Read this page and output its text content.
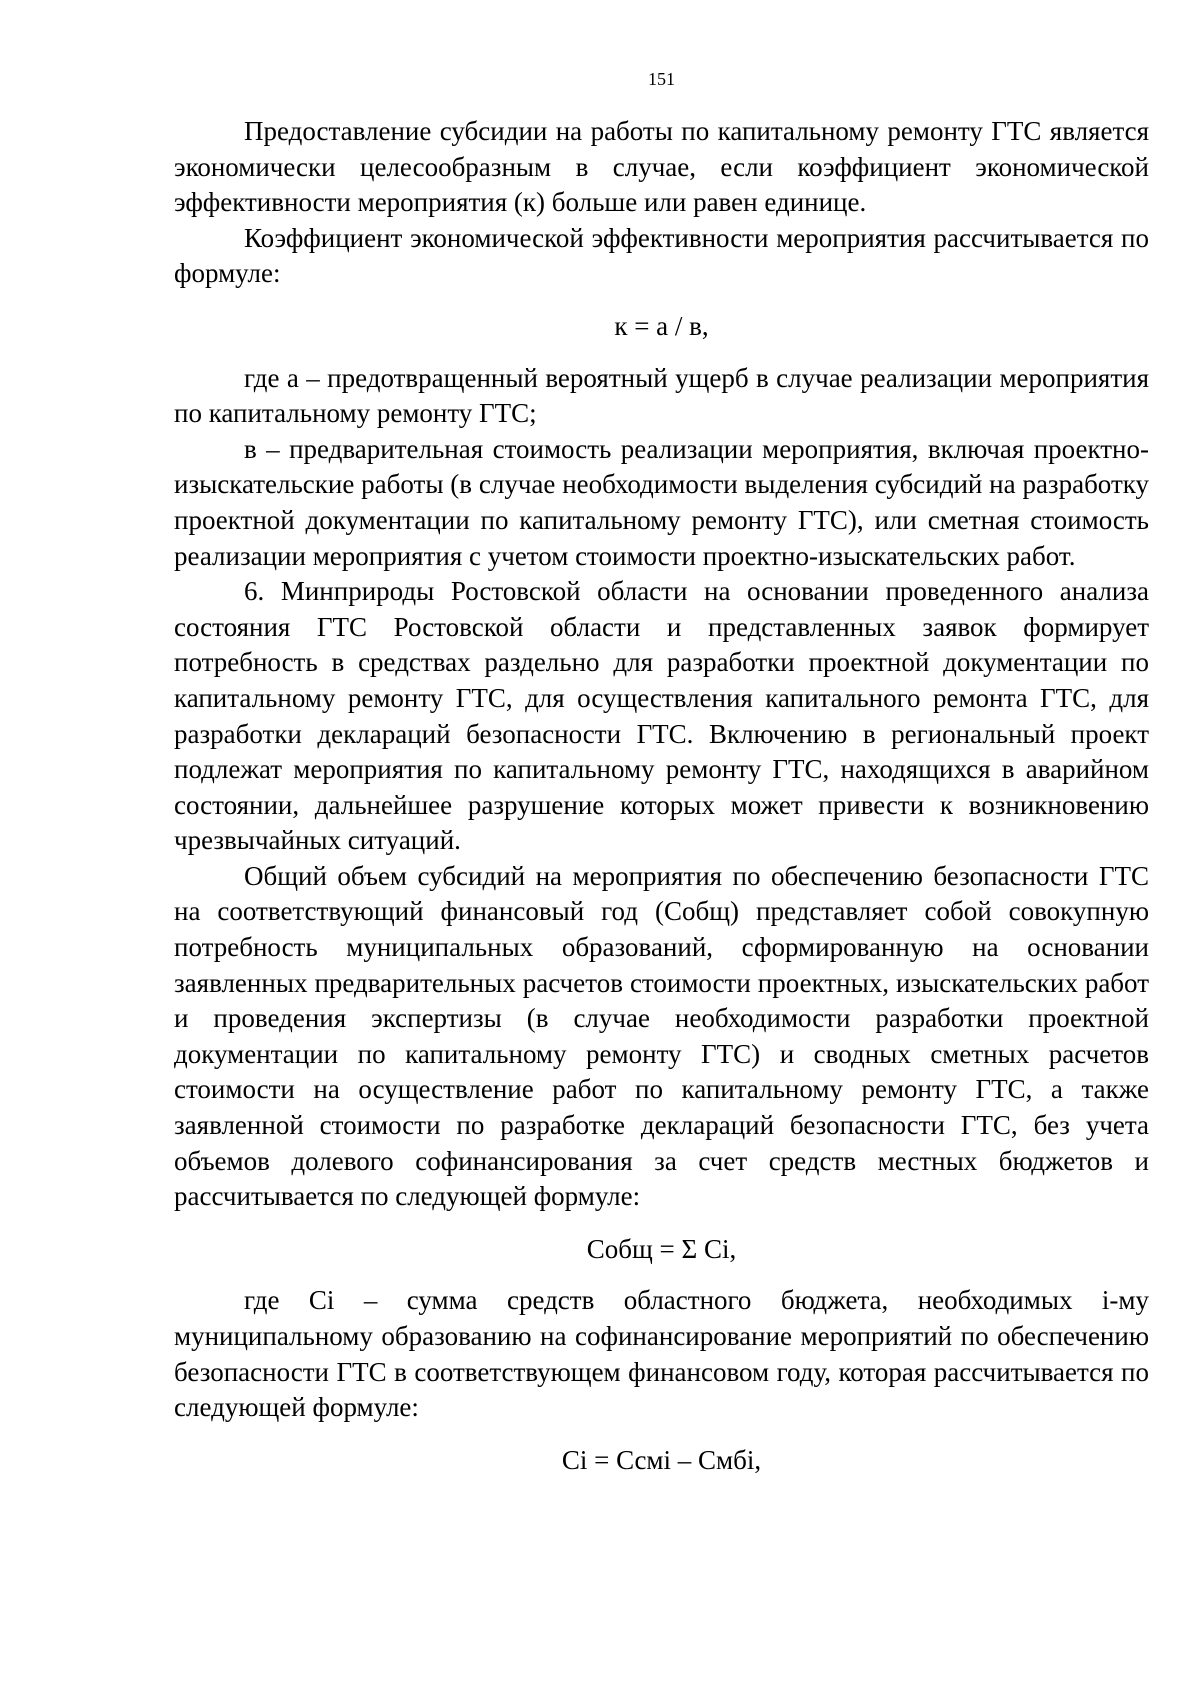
151

Предоставление субсидии на работы по капитальному ремонту ГТС является экономически целесообразным в случае, если коэффициент экономической эффективности мероприятия (к) больше или равен единице.

Коэффициент экономической эффективности мероприятия рассчитывается по формуле:

к = а / в,

где а – предотвращенный вероятный ущерб в случае реализации мероприятия по капитальному ремонту ГТС;

в – предварительная стоимость реализации мероприятия, включая проектно-изыскательские работы (в случае необходимости выделения субсидий на разработку проектной документации по капитальному ремонту ГТС), или сметная стоимость реализации мероприятия с учетом стоимости проектно-изыскательских работ.

6. Минприроды Ростовской области на основании проведенного анализа состояния ГТС Ростовской области и представленных заявок формирует потребность в средствах раздельно для разработки проектной документации по капитальному ремонту ГТС, для осуществления капитального ремонта ГТС, для разработки деклараций безопасности ГТС. Включению в региональный проект подлежат мероприятия по капитальному ремонту ГТС, находящихся в аварийном состоянии, дальнейшее разрушение которых может привести к возникновению чрезвычайных ситуаций.

Общий объем субсидий на мероприятия по обеспечению безопасности ГТС на соответствующий финансовый год (Собщ) представляет собой совокупную потребность муниципальных образований, сформированную на основании заявленных предварительных расчетов стоимости проектных, изыскательских работ и проведения экспертизы (в случае необходимости разработки проектной документации по капитальному ремонту ГТС) и сводных сметных расчетов стоимости на осуществление работ по капитальному ремонту ГТС, а также заявленной стоимости по разработке деклараций безопасности ГТС, без учета объемов долевого софинансирования за счет средств местных бюджетов и рассчитывается по следующей формуле:

Собщ = Σ Сi,

где Сi – сумма средств областного бюджета, необходимых i-му муниципальному образованию на софинансирование мероприятий по обеспечению безопасности ГТС в соответствующем финансовом году, которая рассчитывается по следующей формуле:

Сi = Ссмi – Смбi,
